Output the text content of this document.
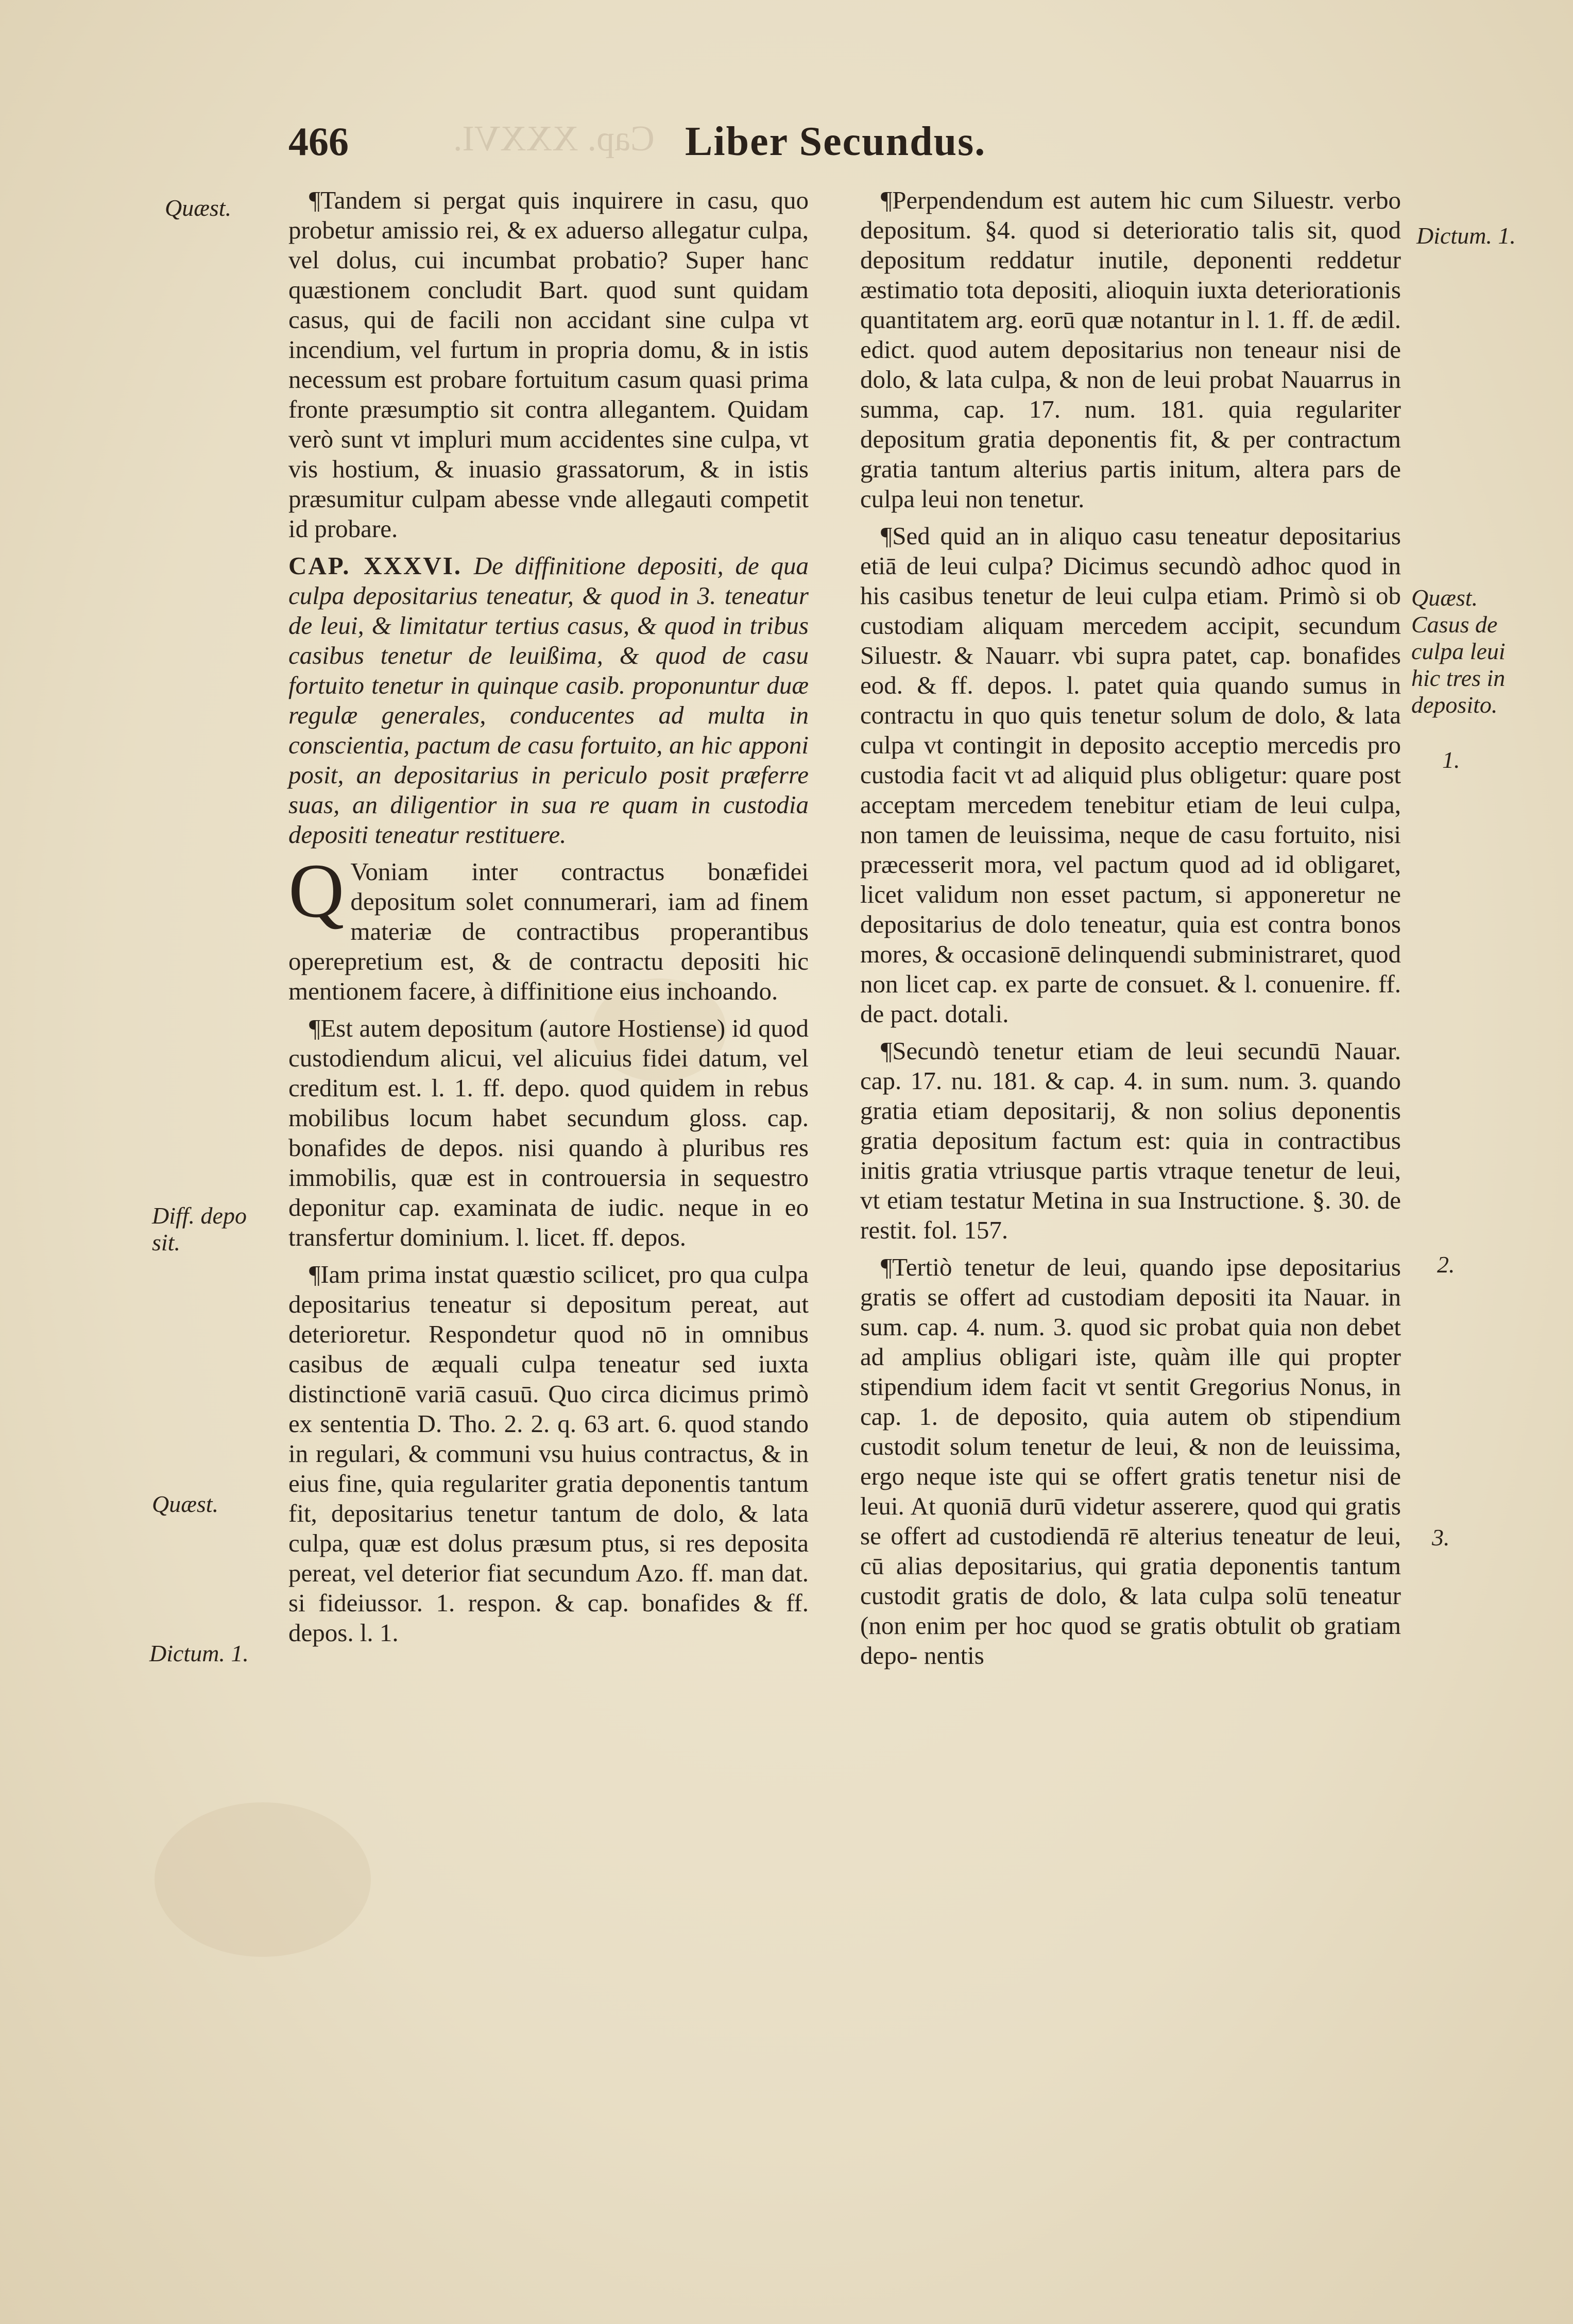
Cap. XXXVI.
466	Liber Secundus.
Quæst.
Diff. depo sit.
Quæst.
Dictum. 1.
Dictum. 1.
Quæst. Casus de culpa leui hic tres in deposito.
1.
2.
3.

¶Tandem si pergat quis inquirere in casu, quo probetur amissio rei, & ex aduerso allegatur culpa, vel dolus, cui incumbat probatio? Super hanc quæstionem concludit Bart. quod sunt quidam casus, qui de facili non accidant sine culpa vt incendium, vel furtum in propria domu, & in istis necessum est probare fortuitum casum quasi prima fronte præsumptio sit contra allegantem. Quidam verò sunt vt impluri mum accidentes sine culpa, vt vis hostium, & inuasio grassatorum, & in istis præsumitur culpam abesse vnde allegauti competit id probare.

CAP. XXXVI. De diffinitione depositi, de qua culpa depositarius teneatur, & quod in 3. teneatur de leui, & limitatur tertius casus, & quod in tribus casibus tenetur de leuißima, & quod de casu fortuito tenetur in quinque casib. proponuntur duæ regulæ generales, conducentes ad multa in conscientia, pactum de casu fortuito, an hic apponi posit, an depositarius in periculo posit præferre suas, an diligentior in sua re quam in custodia depositi teneatur restituere.

Q Voniam inter contractus bonæfidei depositum solet connumerari, iam ad finem materiæ de contractibus properantibus operepretium est, & de contractu depositi hic mentionem facere, à diffinitione eius inchoando.

¶Est autem depositum (autore Hostiense) id quod custodiendum alicui, vel alicuius fidei datum, vel creditum est. l. 1. ff. depo. quod quidem in rebus mobilibus locum habet secundum gloss. cap. bonafides de depos. nisi quando à pluribus res immobilis, quæ est in controuersia in sequestro deponitur cap. examinata de iudic. neque in eo transfertur dominium. l. licet. ff. depos.

¶Iam prima instat quæstio scilicet, pro qua culpa depositarius teneatur si depositum pereat, aut deterioretur. Respondetur quod nō in omnibus casibus de æquali culpa teneatur sed iuxta distinctionē variā casuū. Quo circa dicimus primò ex sententia D. Tho. 2. 2. q. 63 art. 6. quod stando in regulari, & communi vsu huius contractus, & in eius fine, quia regulariter gratia deponentis tantum fit, depositarius tenetur tantum de dolo, & lata culpa, quæ est dolus præsum ptus, si res deposita pereat, vel deterior fiat secundum Azo. ff. man dat. si fideiussor. 1. respon. & cap. bonafides & ff. depos. l. 1.

¶Perpendendum est autem hic cum Siluestr. verbo depositum. §4. quod si deterioratio talis sit, quod depositum reddatur inutile, deponenti reddetur æstimatio tota depositi, alioquin iuxta deteriorationis quantitatem arg. eorū quæ notantur in l. 1. ff. de ædil. edict. quod autem depositarius non teneaur nisi de dolo, & lata culpa, & non de leui probat Nauarrus in summa, cap. 17. num. 181. quia regulariter depositum gratia deponentis fit, & per contractum gratia tantum alterius partis initum, altera pars de culpa leui non tenetur.

¶Sed quid an in aliquo casu teneatur depositarius etiā de leui culpa? Dicimus secundò adhoc quod in his casibus tenetur de leui culpa etiam. Primò si ob custodiam aliquam mercedem accipit, secundum Siluestr. & Nauarr. vbi supra patet, cap. bonafides eod. & ff. depos. l. patet quia quando sumus in contractu in quo quis tenetur solum de dolo, & lata culpa vt contingit in deposito acceptio mercedis pro custodia facit vt ad aliquid plus obligetur: quare post acceptam mercedem tenebitur etiam de leui culpa, non tamen de leuissima, neque de casu fortuito, nisi præcesserit mora, vel pactum quod ad id obligaret, licet validum non esset pactum, si apponeretur ne depositarius de dolo teneatur, quia est contra bonos mores, & occasionē delinquendi subministraret, quod non licet cap. ex parte de consuet. & l. conuenire. ff. de pact. dotali.

¶Secundò tenetur etiam de leui secundū Nauar. cap. 17. nu. 181. & cap. 4. in sum. num. 3. quando gratia etiam depositarij, & non solius deponentis gratia depositum factum est: quia in contractibus initis gratia vtriusque partis vtraque tenetur de leui, vt etiam testatur Metina in sua Instructione. §. 30. de restit. fol. 157.

¶Tertiò tenetur de leui, quando ipse depositarius gratis se offert ad custodiam depositi ita Nauar. in sum. cap. 4. num. 3. quod sic probat quia non debet ad amplius obligari iste, quàm ille qui propter stipendium idem facit vt sentit Gregorius Nonus, in cap. 1. de deposito, quia autem ob stipendium custodit solum tenetur de leui, & non de leuissima, ergo neque iste qui se offert gratis tenetur nisi de leui. At quoniā durū videtur asserere, quod qui gratis se offert ad custodiendā rē alterius teneatur de leui, cū alias depositarius, qui gratia deponentis tantum custodit gratis de dolo, & lata culpa solū teneatur (non enim per hoc quod se gratis obtulit ob gratiam depo- nentis
